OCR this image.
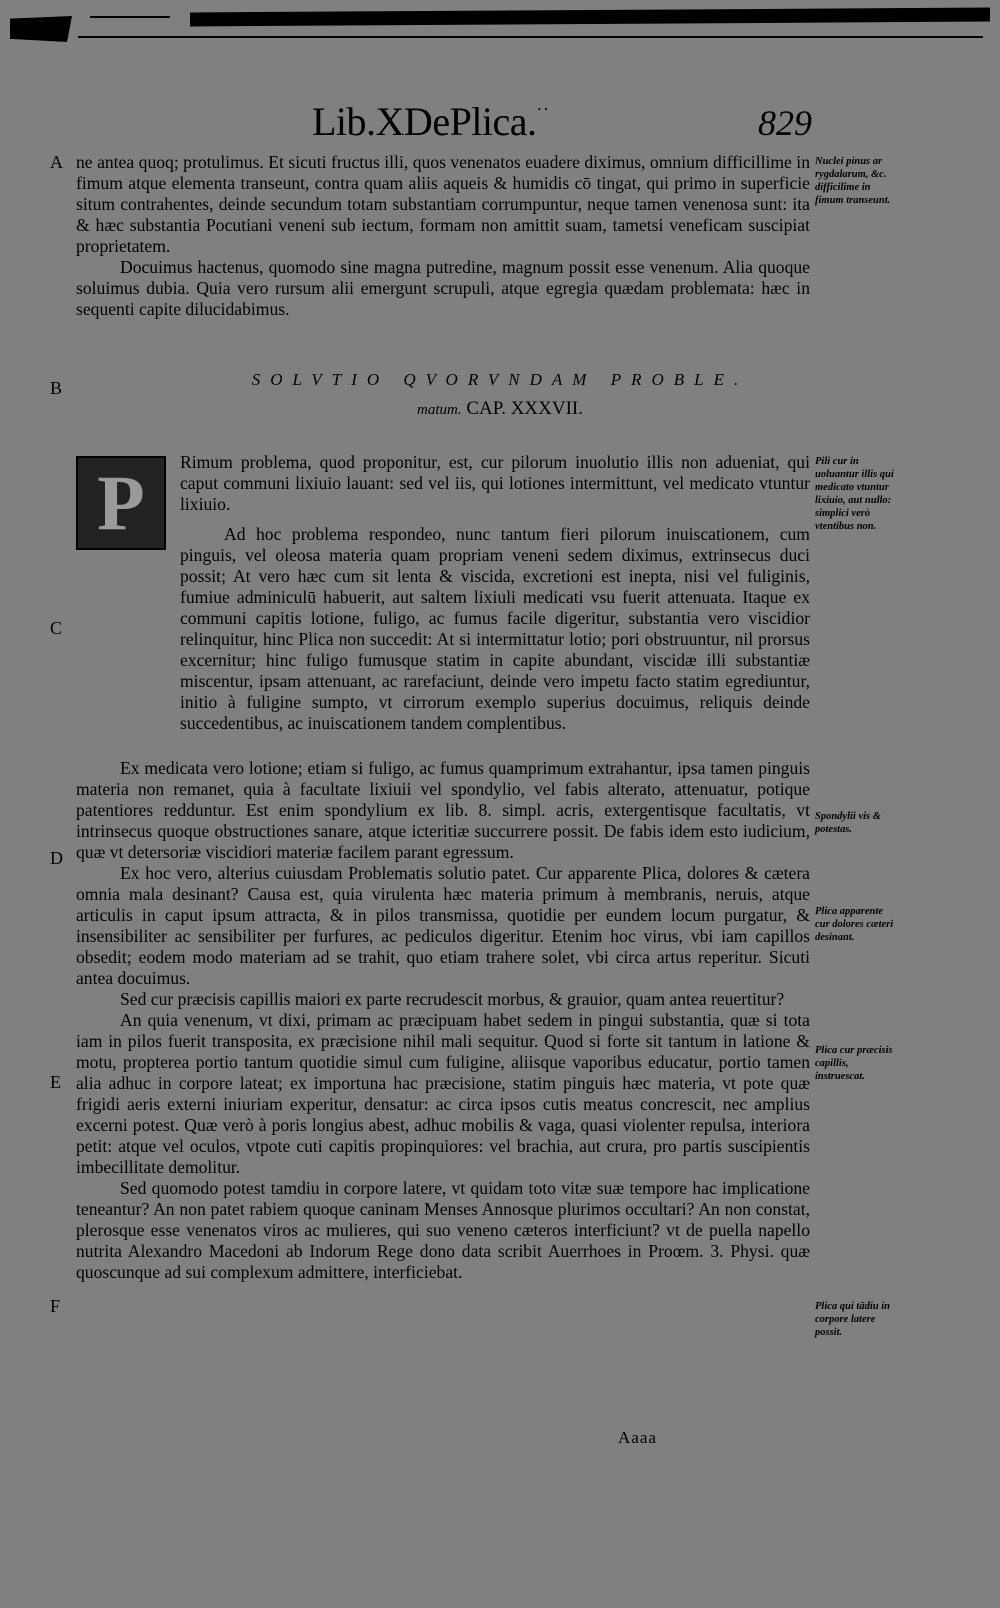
˙˙
Lib.XDePlica.	829
A
B
C
D
E
F

ne antea quoq; protulimus. Et sicuti fructus illi, quos venenatos euadere diximus, omnium difficillime in fimum atque elementa transeunt, contra quam aliis aqueis & humidis cō tingat, qui primo in superficie situm contrahentes, deinde secundum totam substantiam corrumpuntur, neque tamen venenosa sunt: ita & hæc substantia Pocutiani veneni sub iectum, formam non amittit suam, tametsi veneficam suscipiat proprietatem.

Docuimus hactenus, quomodo sine magna putredine, magnum possit esse venenum. Alia quoque soluimus dubia. Quia vero rursum alii emergunt scrupuli, atque egregia quædam problemata: hæc in sequenti capite dilucidabimus.

SOLVTIO QVORVNDAM PROBLE.
matum. CAP. XXXVII.
P Rimum problema, quod proponitur, est, cur pilorum inuolutio illis non adueniat, qui caput communi lixiuio lauant: sed vel iis, qui lotiones intermittunt, vel medicato vtuntur lixiuio.

Ad hoc problema respondeo, nunc tantum fieri pilorum inuiscationem, cum pinguis, vel oleosa materia quam propriam veneni sedem diximus, extrinsecus duci possit; At vero hæc cum sit lenta & viscida, excretioni est inepta, nisi vel fuliginis, fumiue adminiculū habuerit, aut saltem lixiuli medicati vsu fuerit attenuata. Itaque ex communi capitis lotione, fuligo, ac fumus facile digeritur, substantia vero viscidior relinquitur, hinc Plica non succedit: At si intermittatur lotio; pori obstruuntur, nil prorsus excernitur; hinc fuligo fumusque statim in capite abundant, viscidæ illi substantiæ miscentur, ipsam attenuant, ac rarefaciunt, deinde vero impetu facto statim egrediuntur, initio à fuligine sumpto, vt cirrorum exemplo superius docuimus, reliquis deinde succedentibus, ac inuiscationem tandem complentibus.

Ex medicata vero lotione; etiam si fuligo, ac fumus quamprimum extrahantur, ipsa tamen pinguis materia non remanet, quia à facultate lixiuii vel spondylio, vel fabis alterato, attenuatur, potique patentiores redduntur. Est enim spondylium ex lib. 8. simpl. acris, extergentisque facultatis, vt intrinsecus quoque obstructiones sanare, atque icteritiæ succurrere possit. De fabis idem esto iudicium, quæ vt detersoriæ viscidiori materiæ facilem parant egressum.

Ex hoc vero, alterius cuiusdam Problematis solutio patet. Cur apparente Plica, dolores & cætera omnia mala desinant? Causa est, quia virulenta hæc materia primum à membranis, neruis, atque articulis in caput ipsum attracta, & in pilos transmissa, quotidie per eundem locum purgatur, & insensibiliter ac sensibiliter per furfures, ac pediculos digeritur. Etenim hoc virus, vbi iam capillos obsedit; eodem modo materiam ad se trahit, quo etiam trahere solet, vbi circa artus reperitur. Sicuti antea docuimus.

Sed cur præcisis capillis maiori ex parte recrudescit morbus, & grauior, quam antea reuertitur?

An quia venenum, vt dixi, primam ac præcipuam habet sedem in pingui substantia, quæ si tota iam in pilos fuerit transposita, ex præcisione nihil mali sequitur. Quod si forte sit tantum in latione & motu, propterea portio tantum quotidie simul cum fuligine, aliisque vaporibus educatur, portio tamen alia adhuc in corpore lateat; ex importuna hac præcisione, statim pinguis hæc materia, vt pote quæ frigidi aeris externi iniuriam experitur, densatur: ac circa ipsos cutis meatus concrescit, nec amplius excerni potest. Quæ verò à poris longius abest, adhuc mobilis & vaga, quasi violenter repulsa, interiora petit: atque vel oculos, vtpote cuti capitis propinquiores: vel brachia, aut crura, pro partis suscipientis imbecillitate demolitur.

Sed quomodo potest tamdiu in corpore latere, vt quidam toto vitæ suæ tempore hac implicatione teneantur? An non patet rabiem quoque caninam Menses Annosque plurimos occultari? An non constat, plerosque esse venenatos viros ac mulieres, qui suo veneno cæteros interficiunt? vt de puella napello nutrita Alexandro Macedoni ab Indorum Rege dono data scribit Auerrhoes in Proœm. 3. Physi. quæ quoscunque ad sui complexum admittere, interficiebat.

Nuclei pinus ar rygdalarum, &c. difficilime in fimum transeunt.
Pili cur in uoluantur illis qui medicato vtuntur lixiuio, aut nullo: simplici verò vtentibus non.
Spondylii vis & potestas.
Plica apparente cur dolores cæteri desinant.
Plica cur præcisis capillis, instruescat.
Plica qui tādiu in corpore latere possit.
Aaaa
